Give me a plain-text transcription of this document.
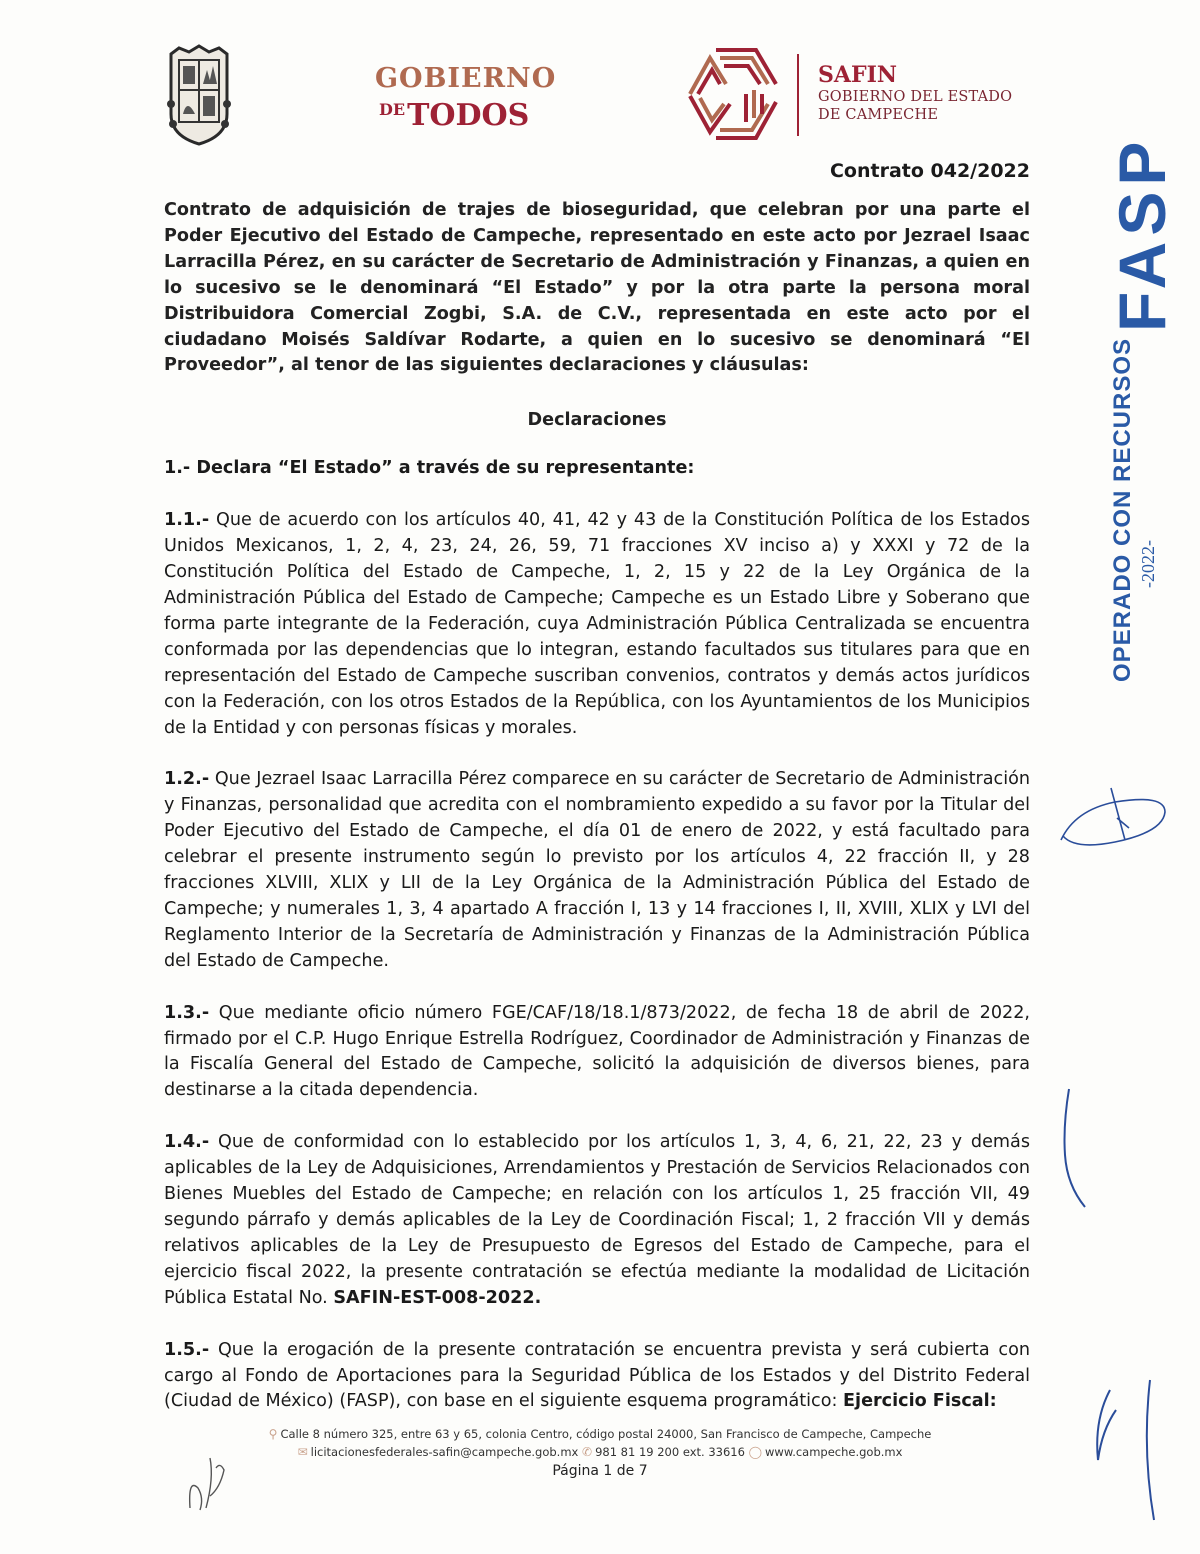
GOBIERNO
$^{DE}$TODOS
SAFIN
GOBIERNO DEL ESTADO
DE CAMPECHE
Contrato 042/2022

Contrato de adquisición de trajes de bioseguridad, que celebran por una parte el Poder Ejecutivo del Estado de Campeche, representado en este acto por Jezrael Isaac Larracilla Pérez, en su carácter de Secretario de Administración y Finanzas, a quien en lo sucesivo se le denominará “El Estado” y por la otra parte la persona moral Distribuidora Comercial Zogbi, S.A. de C.V., representada en este acto por el ciudadano Moisés Saldívar Rodarte, a quien en lo sucesivo se denominará “El Proveedor”, al tenor de las siguientes declaraciones y cláusulas:

Declaraciones

1.- Declara “El Estado” a través de su representante:

1.1.- Que de acuerdo con los artículos 40, 41, 42 y 43 de la Constitución Política de los Estados Unidos Mexicanos, 1, 2, 4, 23, 24, 26, 59, 71 fracciones XV inciso a) y XXXI y 72 de la Constitución Política del Estado de Campeche, 1, 2, 15 y 22 de la Ley Orgánica de la Administración Pública del Estado de Campeche; Campeche es un Estado Libre y Soberano que forma parte integrante de la Federación, cuya Administración Pública Centralizada se encuentra conformada por las dependencias que lo integran, estando facultados sus titulares para que en representación del Estado de Campeche suscriban convenios, contratos y demás actos jurídicos con la Federación, con los otros Estados de la República, con los Ayuntamientos de los Municipios de la Entidad y con personas físicas y morales.

1.2.- Que Jezrael Isaac Larracilla Pérez comparece en su carácter de Secretario de Administración y Finanzas, personalidad que acredita con el nombramiento expedido a su favor por la Titular del Poder Ejecutivo del Estado de Campeche, el día 01 de enero de 2022, y está facultado para celebrar el presente instrumento según lo previsto por los artículos 4, 22 fracción II, y 28 fracciones XLVIII, XLIX y LII de la Ley Orgánica de la Administración Pública del Estado de Campeche; y numerales 1, 3, 4 apartado A fracción I, 13 y 14 fracciones I, II, XVIII, XLIX y LVI del Reglamento Interior de la Secretaría de Administración y Finanzas de la Administración Pública del Estado de Campeche.

1.3.- Que mediante oficio número FGE/CAF/18/18.1/873/2022, de fecha 18 de abril de 2022, firmado por el C.P. Hugo Enrique Estrella Rodríguez, Coordinador de Administración y Finanzas de la Fiscalía General del Estado de Campeche, solicitó la adquisición de diversos bienes, para destinarse a la citada dependencia.

1.4.- Que de conformidad con lo establecido por los artículos 1, 3, 4, 6, 21, 22, 23 y demás aplicables de la Ley de Adquisiciones, Arrendamientos y Prestación de Servicios Relacionados con Bienes Muebles del Estado de Campeche; en relación con los artículos 1, 25 fracción VII, 49 segundo párrafo y demás aplicables de la Ley de Coordinación Fiscal; 1, 2 fracción VII y demás relativos aplicables de la Ley de Presupuesto de Egresos del Estado de Campeche, para el ejercicio fiscal 2022, la presente contratación se efectúa mediante la modalidad de Licitación Pública Estatal No. SAFIN-EST-008-2022.

1.5.- Que la erogación de la presente contratación se encuentra prevista y será cubierta con cargo al Fondo de Aportaciones para la Seguridad Pública de los Estados y del Distrito Federal (Ciudad de México) (FASP), con base en el siguiente esquema programático: Ejercicio Fiscal:

FASP
OPERADO CON RECURSOS -2022-
⚲ Calle 8 número 325, entre 63 y 65, colonia Centro, código postal 24000, San Francisco de Campeche, Campeche
✉ licitacionesfederales-safin@campeche.gob.mx ✆ 981 81 19 200 ext. 33616 ◯ www.campeche.gob.mx
Página 1 de 7
